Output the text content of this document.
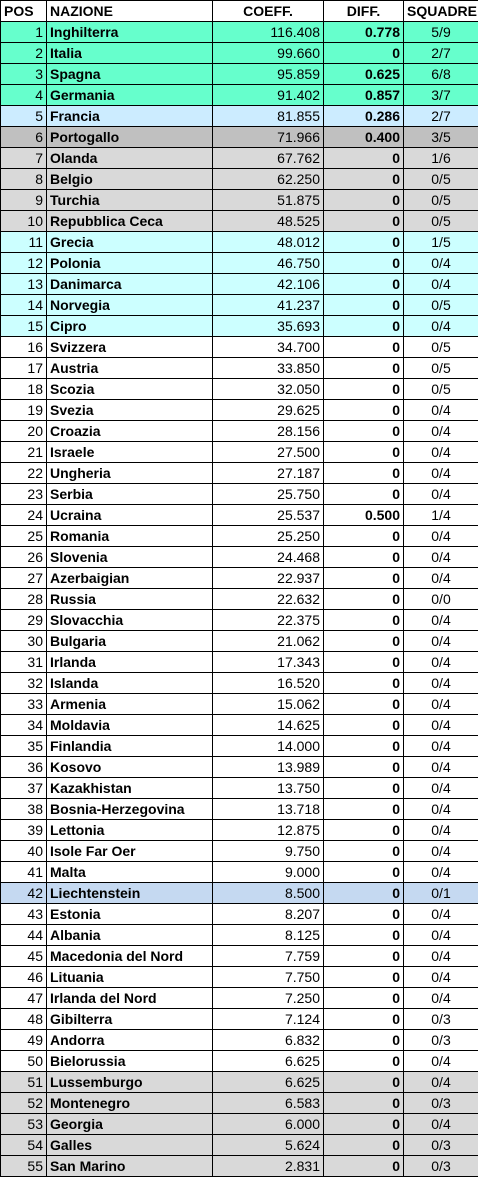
POS	NAZIONE	COEFF.	DIFF.	SQUADRE
1	Inghilterra	116.408	0.778	5/9
2	Italia	99.660	0	2/7
3	Spagna	95.859	0.625	6/8
4	Germania	91.402	0.857	3/7
5	Francia	81.855	0.286	2/7
6	Portogallo	71.966	0.400	3/5
7	Olanda	67.762	0	1/6
8	Belgio	62.250	0	0/5
9	Turchia	51.875	0	0/5
10	Repubblica Ceca	48.525	0	0/5
11	Grecia	48.012	0	1/5
12	Polonia	46.750	0	0/4
13	Danimarca	42.106	0	0/4
14	Norvegia	41.237	0	0/5
15	Cipro	35.693	0	0/4
16	Svizzera	34.700	0	0/5
17	Austria	33.850	0	0/5
18	Scozia	32.050	0	0/5
19	Svezia	29.625	0	0/4
20	Croazia	28.156	0	0/4
21	Israele	27.500	0	0/4
22	Ungheria	27.187	0	0/4
23	Serbia	25.750	0	0/4
24	Ucraina	25.537	0.500	1/4
25	Romania	25.250	0	0/4
26	Slovenia	24.468	0	0/4
27	Azerbaigian	22.937	0	0/4
28	Russia	22.632	0	0/0
29	Slovacchia	22.375	0	0/4
30	Bulgaria	21.062	0	0/4
31	Irlanda	17.343	0	0/4
32	Islanda	16.520	0	0/4
33	Armenia	15.062	0	0/4
34	Moldavia	14.625	0	0/4
35	Finlandia	14.000	0	0/4
36	Kosovo	13.989	0	0/4
37	Kazakhistan	13.750	0	0/4
38	Bosnia-Herzegovina	13.718	0	0/4
39	Lettonia	12.875	0	0/4
40	Isole Far Oer	9.750	0	0/4
41	Malta	9.000	0	0/4
42	Liechtenstein	8.500	0	0/1
43	Estonia	8.207	0	0/4
44	Albania	8.125	0	0/4
45	Macedonia del Nord	7.759	0	0/4
46	Lituania	7.750	0	0/4
47	Irlanda del Nord	7.250	0	0/4
48	Gibilterra	7.124	0	0/3
49	Andorra	6.832	0	0/3
50	Bielorussia	6.625	0	0/4
51	Lussemburgo	6.625	0	0/4
52	Montenegro	6.583	0	0/3
53	Georgia	6.000	0	0/4
54	Galles	5.624	0	0/3
55	San Marino	2.831	0	0/3
